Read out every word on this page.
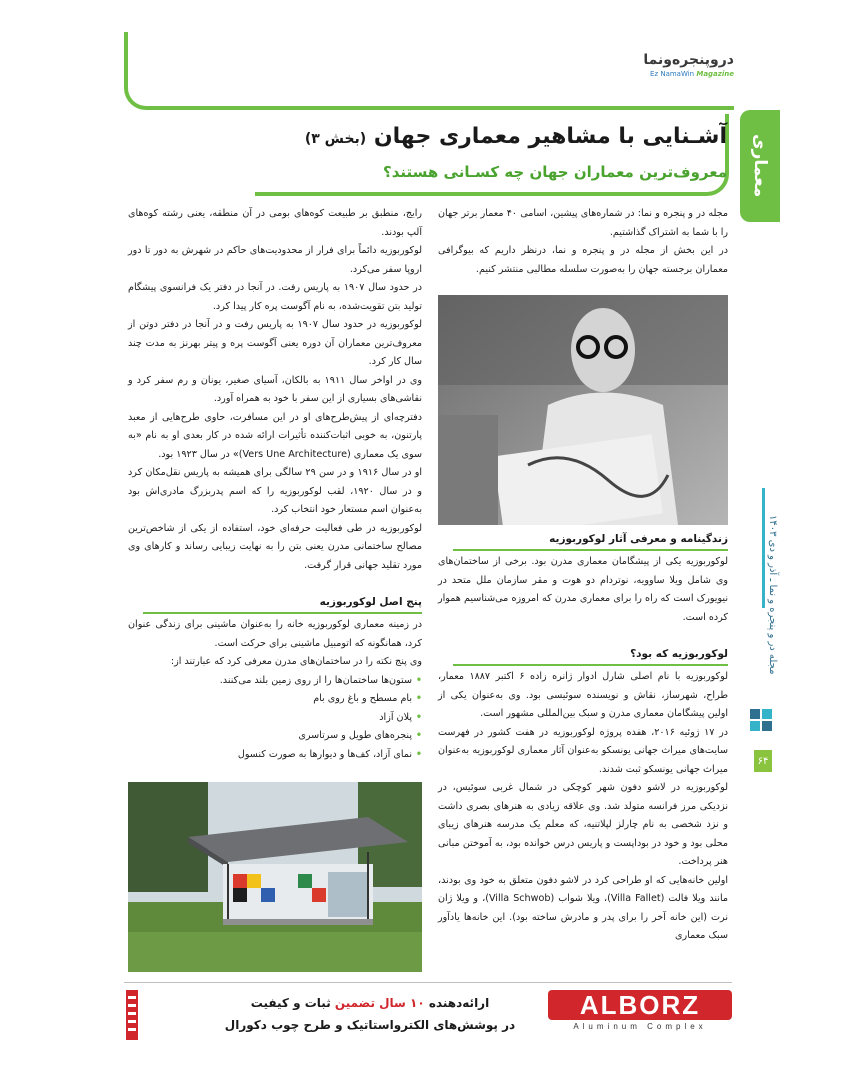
دروپنجره‌ونما
Ez NamaWin Magazine
آشـنایی با مشاهیر معماری جهان (بخش ۳)
معروف‌ترین معماران جهان چه کسـانی هستند؟	معماری
مجله در و پنجره و نما ـ آذر و دی ۱۴۰۳
۶۴

مجله در و پنجره و نما: در شماره‌های پیشین، اسامی ۴۰ معمار برتر جهان را با شما به اشتراک گذاشتیم.

در این بخش از مجله در و پنجره و نما، درنظر داریم که بیوگرافی معماران برجسته جهان را به‌صورت سلسله مطالبی منتشر کنیم.

زندگینامه و معرفی آثار لوکوربوزیه

لوکوربوزیه یکی از پیشگامان معماری مدرن بود. برخی از ساختمان‌های وی شامل ویلا ساوویه، نوتردام دو هوت و مقر سازمان ملل متحد در نیویورک است که راه را برای معماری مدرن که امروزه می‌شناسیم هموار کرده است.

لوکوربوزیه که بود؟

لوکوربوزیه با نام اصلی شارل ادوار ژانره زاده ۶ اکتبر ۱۸۸۷ معمار، طراح، شهرساز، نقاش و نویسنده سوئیسی بود. وی به‌عنوان یکی از اولین پیشگامان معماری مدرن و سبک بین‌المللی مشهور است.

در ۱۷ ژوئیه ۲۰۱۶، هفده پروژه لوکوربوزیه در هفت کشور در فهرست سایت‌های میراث جهانی یونسکو به‌عنوان آثار معماری لوکوربوزیه به‌عنوان میراث جهانی یونسکو ثبت شدند.

لوکوربوزیه در لاشو دفون شهر کوچکی در شمال غربی سوئیس، در نزدیکی مرز فرانسه متولد شد. وی علاقه زیادی به هنرهای بصری داشت و نزد شخصی به نام چارلز لپلاتنیه، که معلم یک مدرسه هنرهای زیبای محلی بود و خود در بوداپست و پاریس درس خوانده بود، به آموختن مبانی هنر پرداخت.

اولین خانه‌هایی که او طراحی کرد در لاشو دفون متعلق به خود وی بودند، مانند ویلا فالت (Villa Fallet)، ویلا شواب (Villa Schwob)، و ویلا ژان نرت (این خانه آخر را برای پدر و مادرش ساخته بود). این خانه‌ها یادآور سبک معماری

رایج، منطبق بر طبیعت کوه‌های بومی در آن منطقه، یعنی رشته کوه‌های آلپ بودند.

لوکوربوزیه دائماً برای فرار از محدودیت‌های حاکم در شهرش به دور تا دور اروپا سفر می‌کرد.

در حدود سال ۱۹۰۷ به پاریس رفت. در آنجا در دفتر یک فرانسوی پیشگام تولید بتن تقویت‌شده، به نام آگوست پره کار پیدا کرد.

لوکوربوزیه در حدود سال ۱۹۰۷ به پاریس رفت و در آنجا در دفتر دوتن از معروف‌ترین معماران آن دوره یعنی آگوست پره و پیتر بهرنز به مدت چند سال کار کرد.

وی در اواخر سال ۱۹۱۱ به بالکان، آسیای صغیر، یونان و رم سفر کرد و نقاشی‌های بسیاری از این سفر با خود به همراه آورد.

دفترچه‌ای از پیش‌طرح‌های او در این مسافرت، حاوی طرح‌هایی از معبد پارتنون، به خوبی اثبات‌کننده تأثیرات ارائه شده در کار بعدی او به نام «به سوی یک معماری (Vers Une Architecture)» در سال ۱۹۲۳ بود.

او در سال ۱۹۱۶ و در سن ۲۹ سالگی برای همیشه به پاریس نقل‌مکان کرد و در سال ۱۹۲۰، لقب لوکوربوزیه را که اسم پدربزرگ مادری‌اش بود به‌عنوان اسم مستعار خود انتخاب کرد.

لوکوربوزیه در طی فعالیت حرفه‌ای خود، استفاده از یکی از شاخص‌ترین مصالح ساختمانی مدرن یعنی بتن را به نهایت زیبایی رساند و کارهای وی مورد تقلید جهانی قرار گرفت.

پنج اصل لوکوربوزیه

در زمینه معماری لوکوربوزیه خانه را به‌عنوان ماشینی برای زندگی عنوان کرد، همانگونه که اتومبیل ماشینی برای حرکت است.

وی پنج نکته را در ساختمان‌های مدرن معرفی کرد که عبارتند از:

• ستون‌ها ساختمان‌ها را از روی زمین بلند می‌کنند.
• بام مسطح و باغ روی بام
• پلان آزاد
• پنجره‌های طویل و سرتاسری
• نمای آزاد، کف‌ها و دیوارها به صورت کنسول
ارائه‌دهنده ۱۰ سال تضمین ثبات و کیفیت
در پوشش‌های الکترواستاتیک و طرح چوب دکورال
ALBORZ
Aluminum Complex
